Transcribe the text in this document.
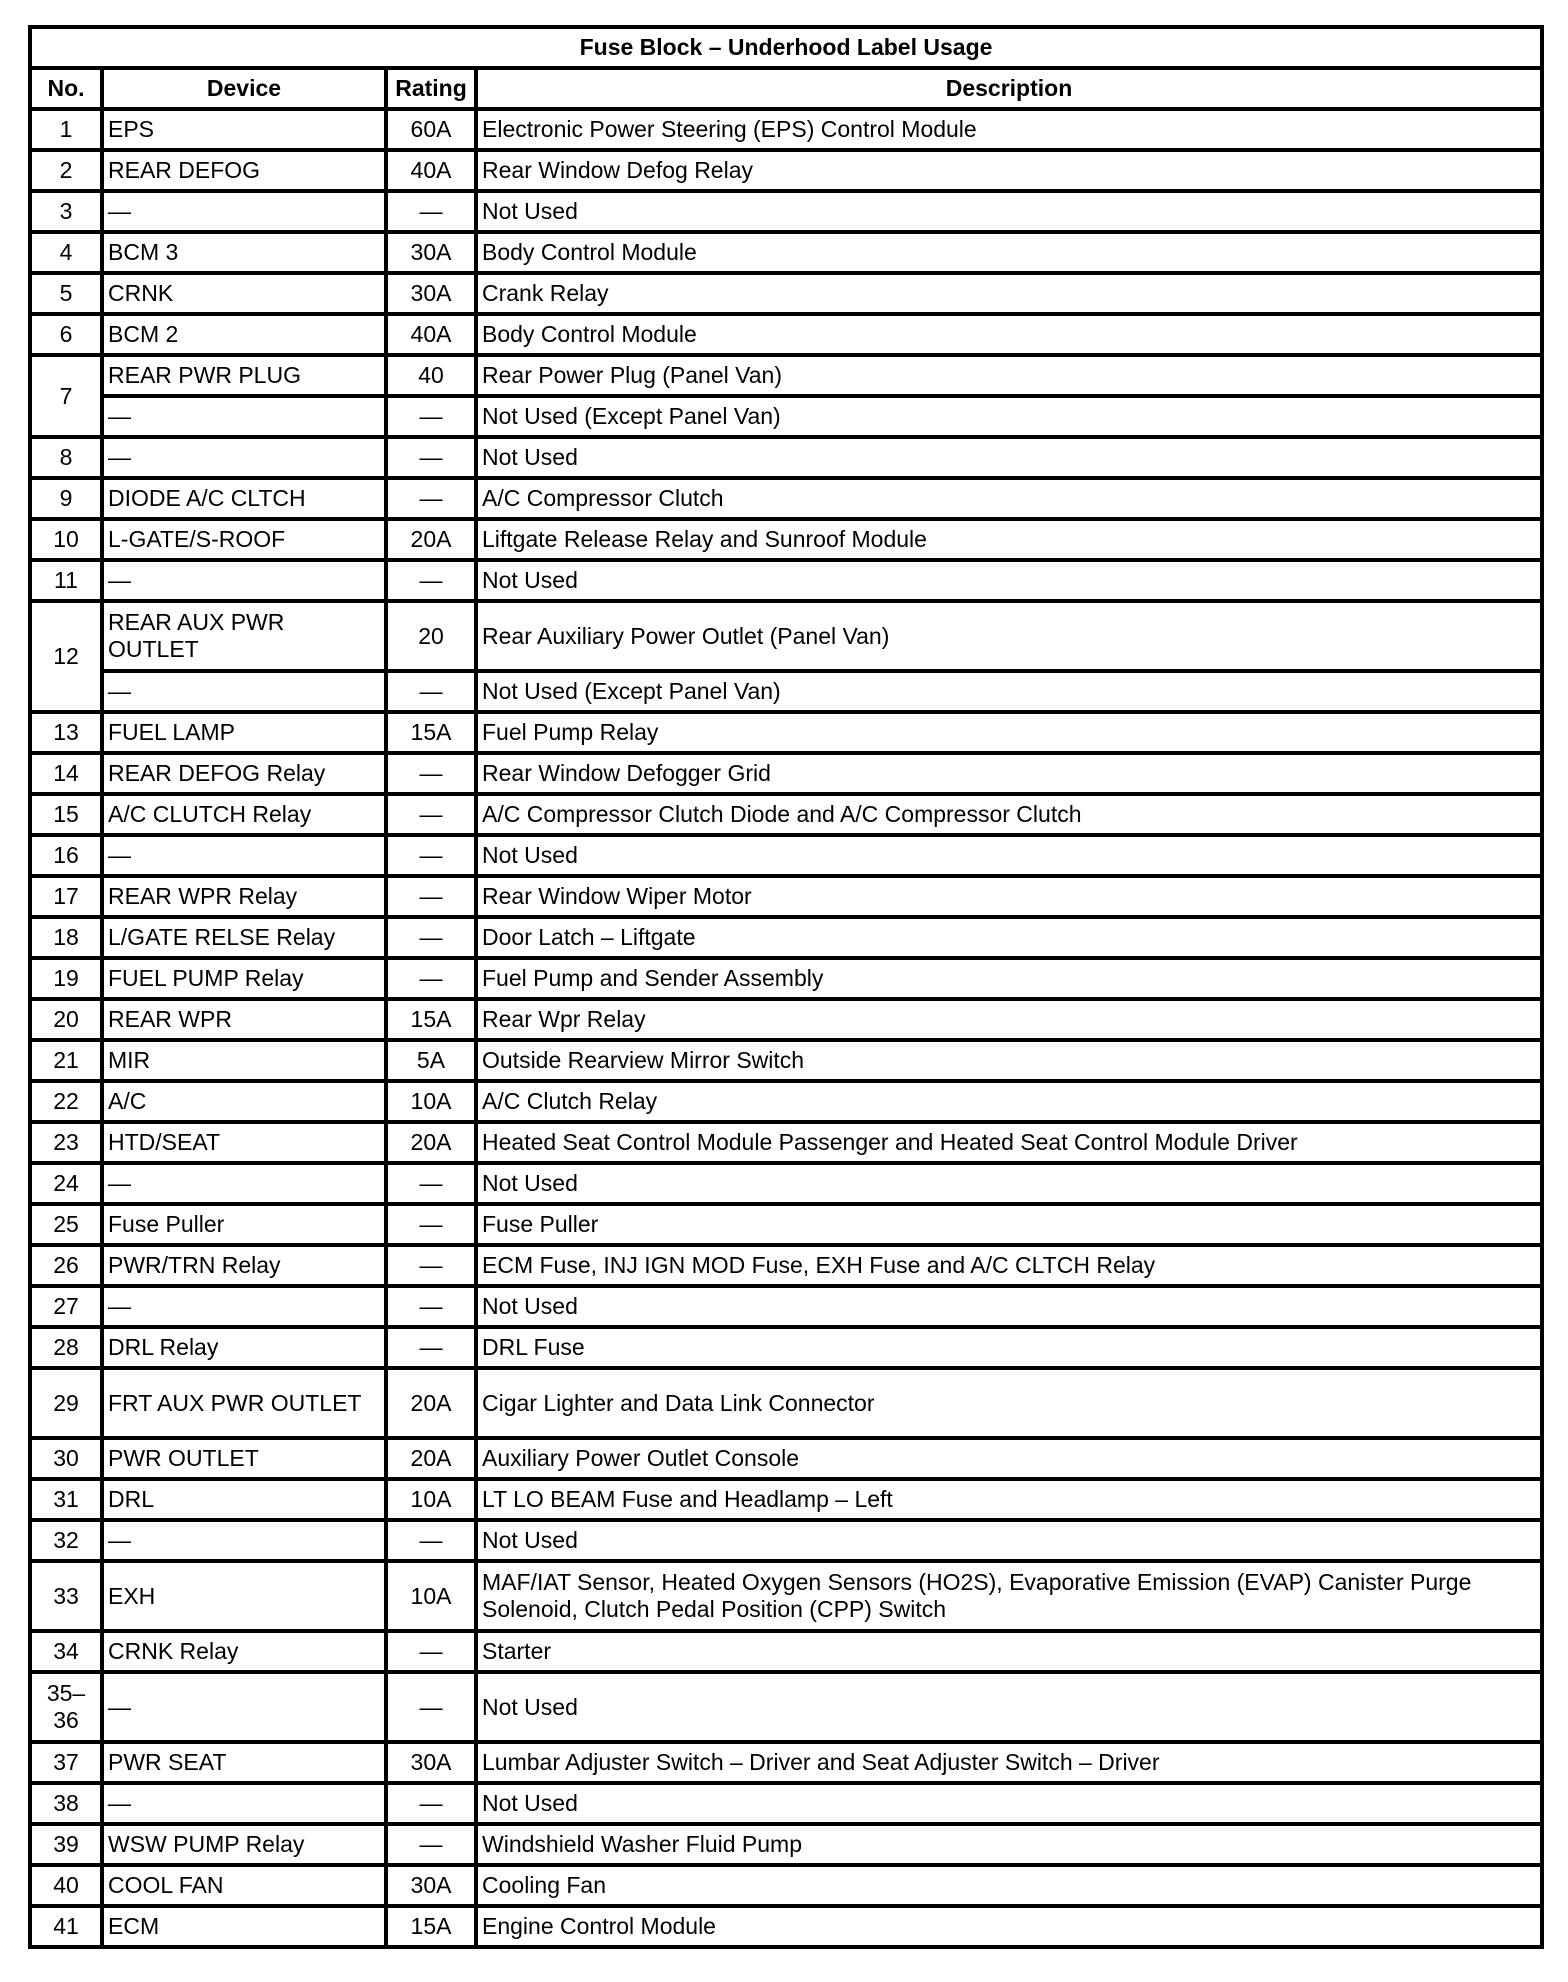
Fuse Block – Underhood Label Usage			
No.	Device	Rating	Description
1	EPS	60A	Electronic Power Steering (EPS) Control Module
2	REAR DEFOG	40A	Rear Window Defog Relay
3	—	—	Not Used
4	BCM 3	30A	Body Control Module
5	CRNK	30A	Crank Relay
6	BCM 2	40A	Body Control Module
7	REAR PWR PLUG	40	Rear Power Plug (Panel Van)
	—	—	Not Used (Except Panel Van)
8	—	—	Not Used
9	DIODE A/C CLTCH	—	A/C Compressor Clutch
10	L-GATE/S-ROOF	20A	Liftgate Release Relay and Sunroof Module
11	—	—	Not Used
12	REAR AUX PWR OUTLET	20	Rear Auxiliary Power Outlet (Panel Van)
	—	—	Not Used (Except Panel Van)
13	FUEL LAMP	15A	Fuel Pump Relay
14	REAR DEFOG Relay	—	Rear Window Defogger Grid
15	A/C CLUTCH Relay	—	A/C Compressor Clutch Diode and A/C Compressor Clutch
16	—	—	Not Used
17	REAR WPR Relay	—	Rear Window Wiper Motor
18	L/GATE RELSE Relay	—	Door Latch – Liftgate
19	FUEL PUMP Relay	—	Fuel Pump and Sender Assembly
20	REAR WPR	15A	Rear Wpr Relay
21	MIR	5A	Outside Rearview Mirror Switch
22	A/C	10A	A/C Clutch Relay
23	HTD/SEAT	20A	Heated Seat Control Module Passenger and Heated Seat Control Module Driver
24	—	—	Not Used
25	Fuse Puller	—	Fuse Puller
26	PWR/TRN Relay	—	ECM Fuse, INJ IGN MOD Fuse, EXH Fuse and A/C CLTCH Relay
27	—	—	Not Used
28	DRL Relay	—	DRL Fuse
29	FRT AUX PWR OUTLET	20A	Cigar Lighter and Data Link Connector
30	PWR OUTLET	20A	Auxiliary Power Outlet Console
31	DRL	10A	LT LO BEAM Fuse and Headlamp – Left
32	—	—	Not Used
33	EXH	10A	MAF/IAT Sensor, Heated Oxygen Sensors (HO2S), Evaporative Emission (EVAP) Canister Purge Solenoid, Clutch Pedal Position (CPP) Switch
34	CRNK Relay	—	Starter
35–36	—	—	Not Used
37	PWR SEAT	30A	Lumbar Adjuster Switch – Driver and Seat Adjuster Switch – Driver
38	—	—	Not Used
39	WSW PUMP Relay	—	Windshield Washer Fluid Pump
40	COOL FAN	30A	Cooling Fan
41	ECM	15A	Engine Control Module
